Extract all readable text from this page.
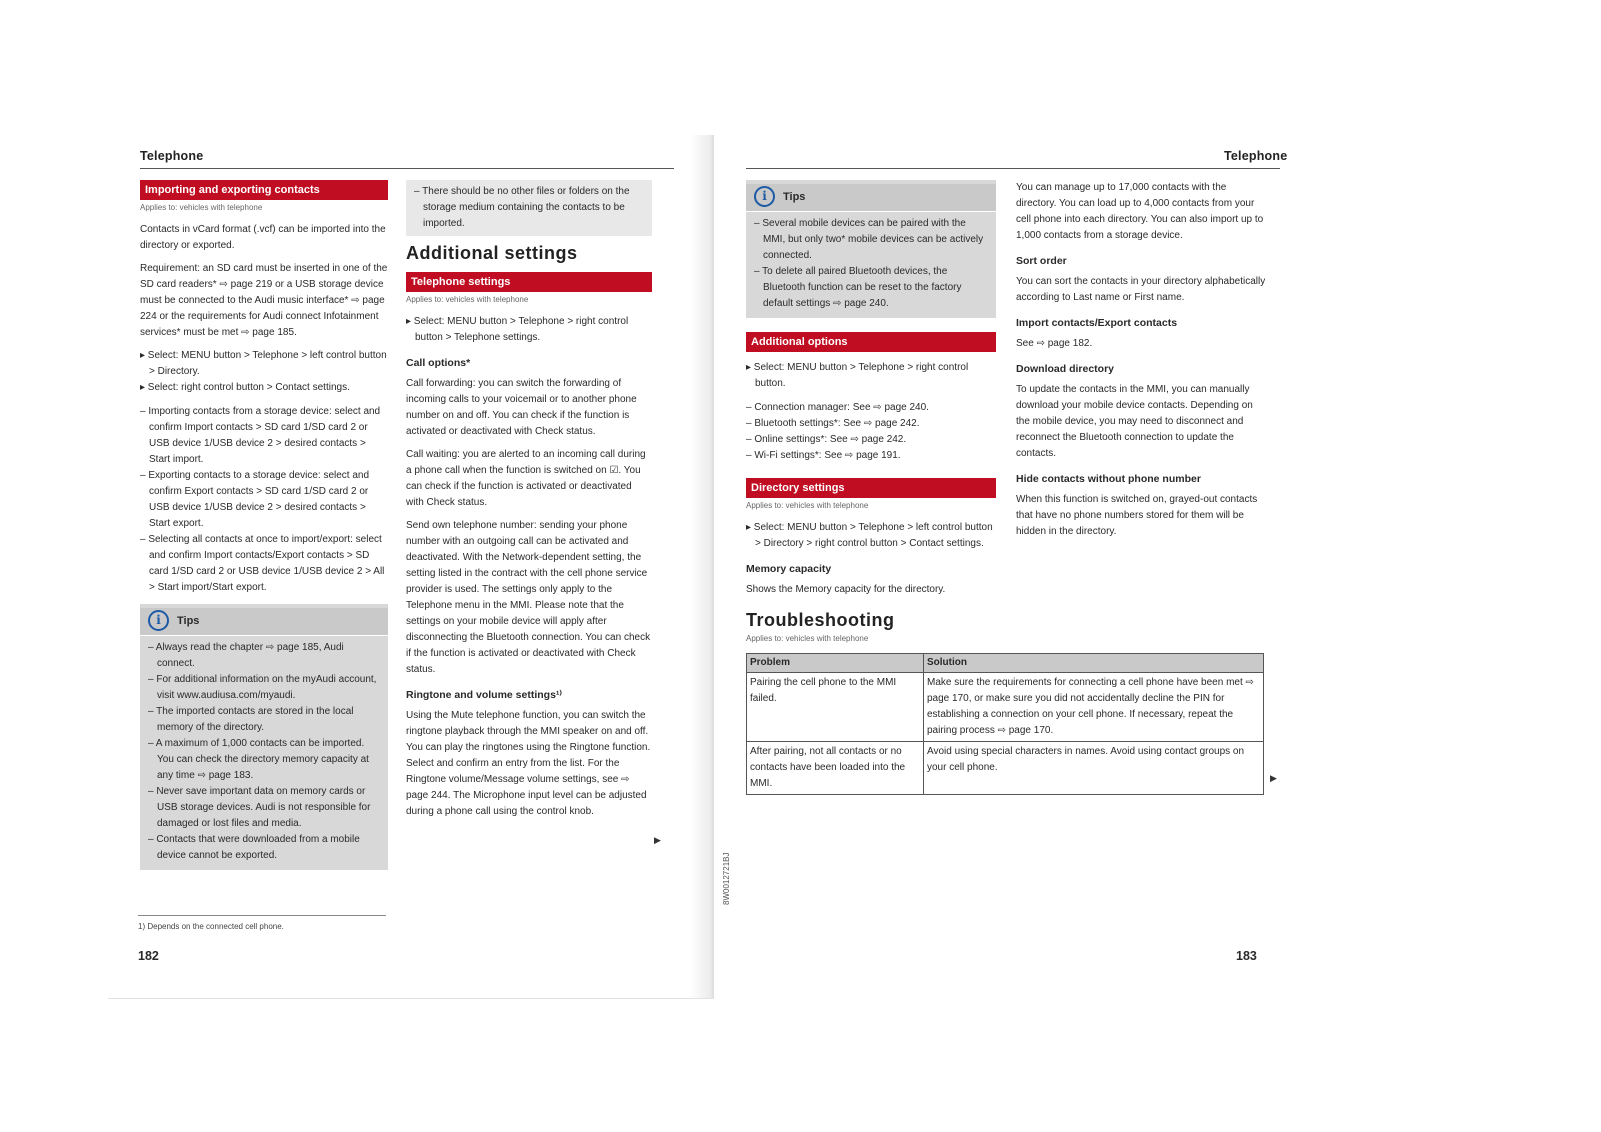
Telephone
Importing and exporting contacts
Applies to: vehicles with telephone

Contacts in vCard format (.vcf) can be imported into the directory or exported.

Requirement: an SD card must be inserted in one of the SD card readers* ⇨ page 219 or a USB storage device must be connected to the Audi music interface* ⇨ page 224 or the requirements for Audi connect Infotainment services* must be met ⇨ page 185.

▸ Select: MENU button > Telephone > left control button > Directory.

▸ Select: right control button > Contact settings.

– Importing contacts from a storage device: select and confirm Import contacts > SD card 1/SD card 2 or USB device 1/USB device 2 > desired contacts > Start import.

– Exporting contacts to a storage device: select and confirm Export contacts > SD card 1/SD card 2 or USB device 1/USB device 2 > desired contacts > Start export.

– Selecting all contacts at once to import/export: select and confirm Import contacts/Export contacts > SD card 1/SD card 2 or USB device 1/USB device 2 > All > Start import/Start export.

i	Tips

– Always read the chapter ⇨ page 185, Audi connect.

– For additional information on the myAudi account, visit www.audiusa.com/myaudi.

– The imported contacts are stored in the local memory of the directory.

– A maximum of 1,000 contacts can be imported. You can check the directory memory capacity at any time ⇨ page 183.

– Never save important data on memory cards or USB storage devices. Audi is not responsible for damaged or lost files and media.

– Contacts that were downloaded from a mobile device cannot be exported.

1) Depends on the connected cell phone.

– There should be no other files or folders on the storage medium containing the contacts to be imported.

Additional settings
Telephone settings
Applies to: vehicles with telephone

▸ Select: MENU button > Telephone > right control button > Telephone settings.

Call options*

Call forwarding: you can switch the forwarding of incoming calls to your voicemail or to another phone number on and off. You can check if the function is activated or deactivated with Check status.

Call waiting: you are alerted to an incoming call during a phone call when the function is switched on ☑. You can check if the function is activated or deactivated with Check status.

Send own telephone number: sending your phone number with an outgoing call can be activated and deactivated. With the Network-dependent setting, the setting listed in the contract with the cell phone service provider is used. The settings only apply to the Telephone menu in the MMI. Please note that the settings on your mobile device will apply after disconnecting the Bluetooth connection. You can check if the function is activated or deactivated with Check status.

Ringtone and volume settings¹⁾

Using the Mute telephone function, you can switch the ringtone playback through the MMI speaker on and off. You can play the ringtones using the Ringtone function. Select and confirm an entry from the list. For the Ringtone volume/Message volume settings, see ⇨ page 244. The Microphone input level can be adjusted during a phone call using the control knob.

▶
182
Telephone
8W0012721BJ
i	Tips

– Several mobile devices can be paired with the MMI, but only two* mobile devices can be actively connected.

– To delete all paired Bluetooth devices, the Bluetooth function can be reset to the factory default settings ⇨ page 240.

Additional options

▸ Select: MENU button > Telephone > right control button.

– Connection manager: See ⇨ page 240.

– Bluetooth settings*: See ⇨ page 242.

– Online settings*: See ⇨ page 242.

– Wi-Fi settings*: See ⇨ page 191.

Directory settings
Applies to: vehicles with telephone

▸ Select: MENU button > Telephone > left control button > Directory > right control button > Contact settings.

Memory capacity

Shows the Memory capacity for the directory.

Troubleshooting
Applies to: vehicles with telephone
Problem	Solution
Pairing the cell phone to the MMI failed.	Make sure the requirements for connecting a cell phone have been met ⇨ page 170, or make sure you did not accidentally decline the PIN for establishing a connection on your cell phone. If necessary, repeat the pairing process ⇨ page 170.
After pairing, not all contacts or no contacts have been loaded into the MMI.	Avoid using special characters in names. Avoid using contact groups on your cell phone.
▶

You can manage up to 17,000 contacts with the directory. You can load up to 4,000 contacts from your cell phone into each directory. You can also import up to 1,000 contacts from a storage device.

Sort order

You can sort the contacts in your directory alphabetically according to Last name or First name.

Import contacts/Export contacts

See ⇨ page 182.

Download directory

To update the contacts in the MMI, you can manually download your mobile device contacts. Depending on the mobile device, you may need to disconnect and reconnect the Bluetooth connection to update the contacts.

Hide contacts without phone number

When this function is switched on, grayed-out contacts that have no phone numbers stored for them will be hidden in the directory.

183
